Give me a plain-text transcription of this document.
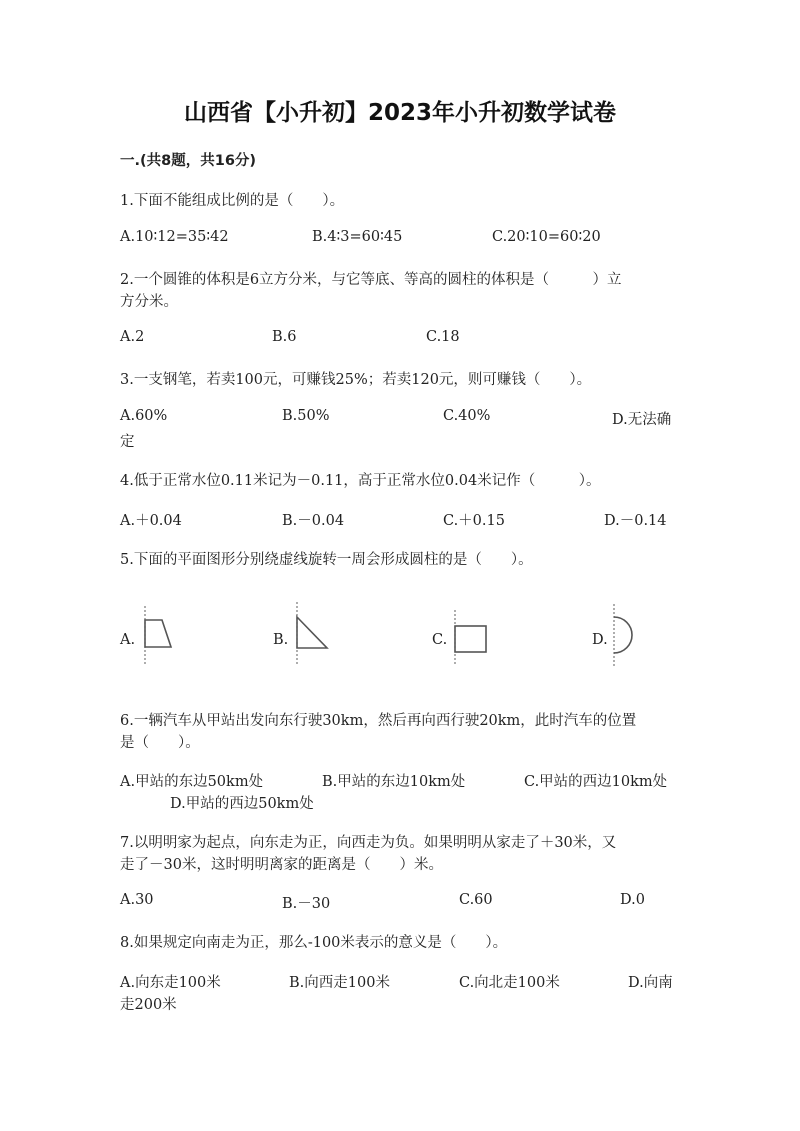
山西省【小升初】2023年小升初数学试卷
一.(共8题，共16分)
1.下面不能组成比例的是（　　）。
A.10∶12=35∶42	B.4∶3=60∶45	C.20∶10=60∶20
2.一个圆锥的体积是6立方分米，与它等底、等高的圆柱的体积是（　　　）立
方分米。
A.2	B.6	C.18
3.一支钢笔，若卖100元，可赚钱25%；若卖120元，则可赚钱（　　）。
A.60%	B.50%	C.40%	D.无法确
定
4.低于正常水位0.11米记为－0.11，高于正常水位0.04米记作（　　　）。
A.＋0.04	B.－0.04	C.＋0.15	D.－0.14
5.下面的平面图形分别绕虚线旋转一周会形成圆柱的是（　　）。
A.	B.	C.	D.
6.一辆汽车从甲站出发向东行驶30km，然后再向西行驶20km，此时汽车的位置
是（　　）。
A.甲站的东边50km处	B.甲站的东边10km处	C.甲站的西边10km处
D.甲站的西边50km处
7.以明明家为起点，向东走为正，向西走为负。如果明明从家走了＋30米，又
走了－30米，这时明明离家的距离是（　　）米。
A.30	B.－30	C.60	D.0
8.如果规定向南走为正，那么-100米表示的意义是（　　）。
A.向东走100米	B.向西走100米	C.向北走100米	D.向南
走200米
